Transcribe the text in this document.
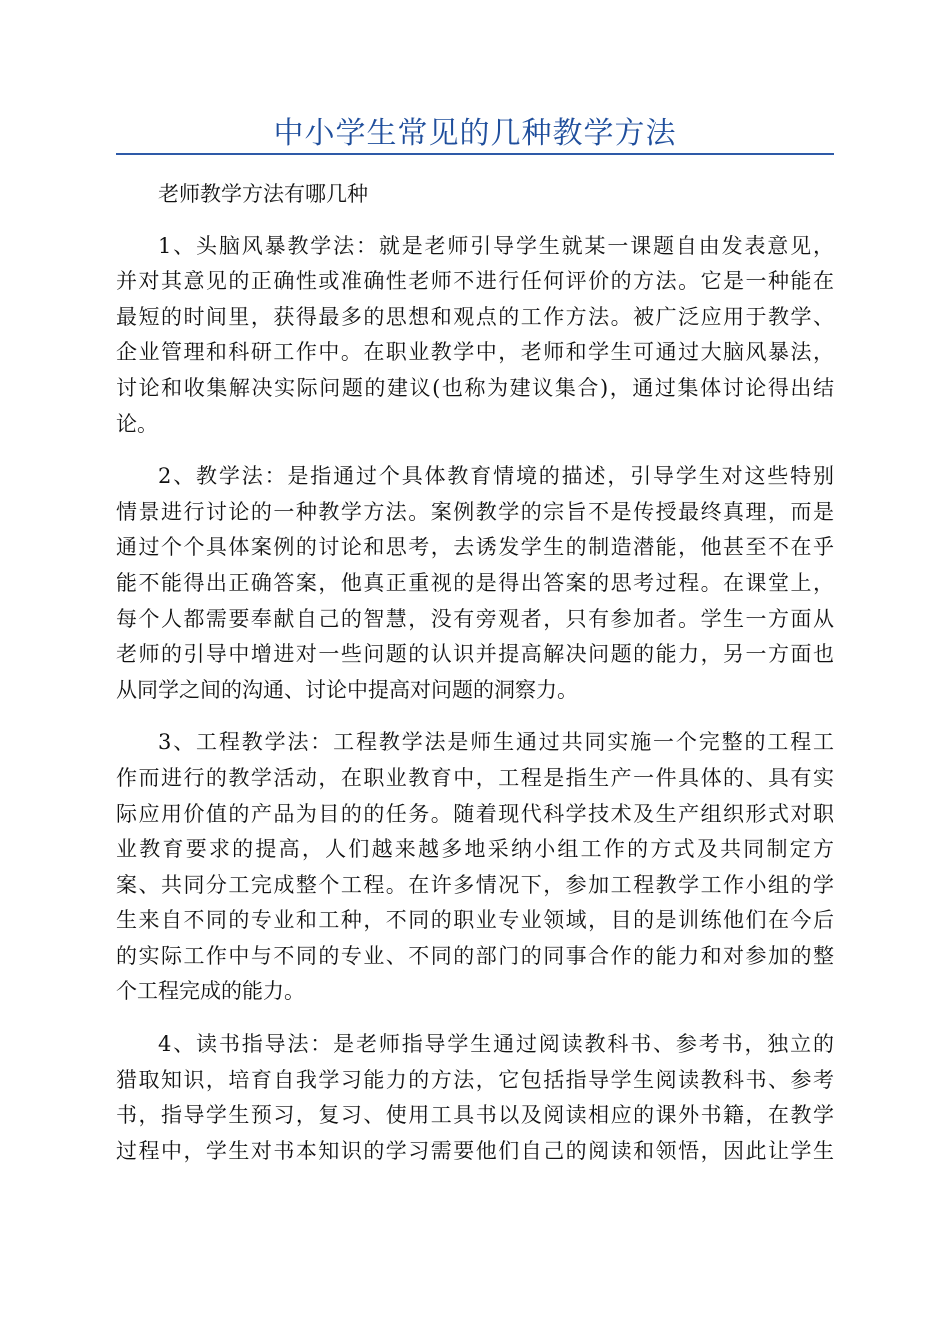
中小学生常见的几种教学方法

老师教学方法有哪几种

1、头脑风暴教学法：就是老师引导学生就某一课题自由发表意见，
并对其意见的正确性或准确性老师不进行任何评价的方法。它是一种能在
最短的时间里，获得最多的思想和观点的工作方法。被广泛应用于教学、
企业管理和科研工作中。在职业教学中，老师和学生可通过大脑风暴法，
讨论和收集解决实际问题的建议(也称为建议集合)，通过集体讨论得出结
论。
2、教学法：是指通过个具体教育情境的描述，引导学生对这些特别
情景进行讨论的一种教学方法。案例教学的宗旨不是传授最终真理，而是
通过个个具体案例的讨论和思考，去诱发学生的制造潜能，他甚至不在乎
能不能得出正确答案，他真正重视的是得出答案的思考过程。在课堂上，
每个人都需要奉献自己的智慧，没有旁观者，只有参加者。学生一方面从
老师的引导中增进对一些问题的认识并提高解决问题的能力，另一方面也
从同学之间的沟通、讨论中提高对问题的洞察力。
3、工程教学法：工程教学法是师生通过共同实施一个完整的工程工
作而进行的教学活动，在职业教育中，工程是指生产一件具体的、具有实
际应用价值的产品为目的的任务。随着现代科学技术及生产组织形式对职
业教育要求的提高，人们越来越多地采纳小组工作的方式及共同制定方
案、共同分工完成整个工程。在许多情况下，参加工程教学工作小组的学
生来自不同的专业和工种，不同的职业专业领域，目的是训练他们在今后
的实际工作中与不同的专业、不同的部门的同事合作的能力和对参加的整
个工程完成的能力。
4、读书指导法：是老师指导学生通过阅读教科书、参考书，独立的
猎取知识，培育自我学习能力的方法，它包括指导学生阅读教科书、参考
书，指导学生预习，复习、使用工具书以及阅读相应的课外书籍，在教学
过程中，学生对书本知识的学习需要他们自己的阅读和领悟，因此让学生
